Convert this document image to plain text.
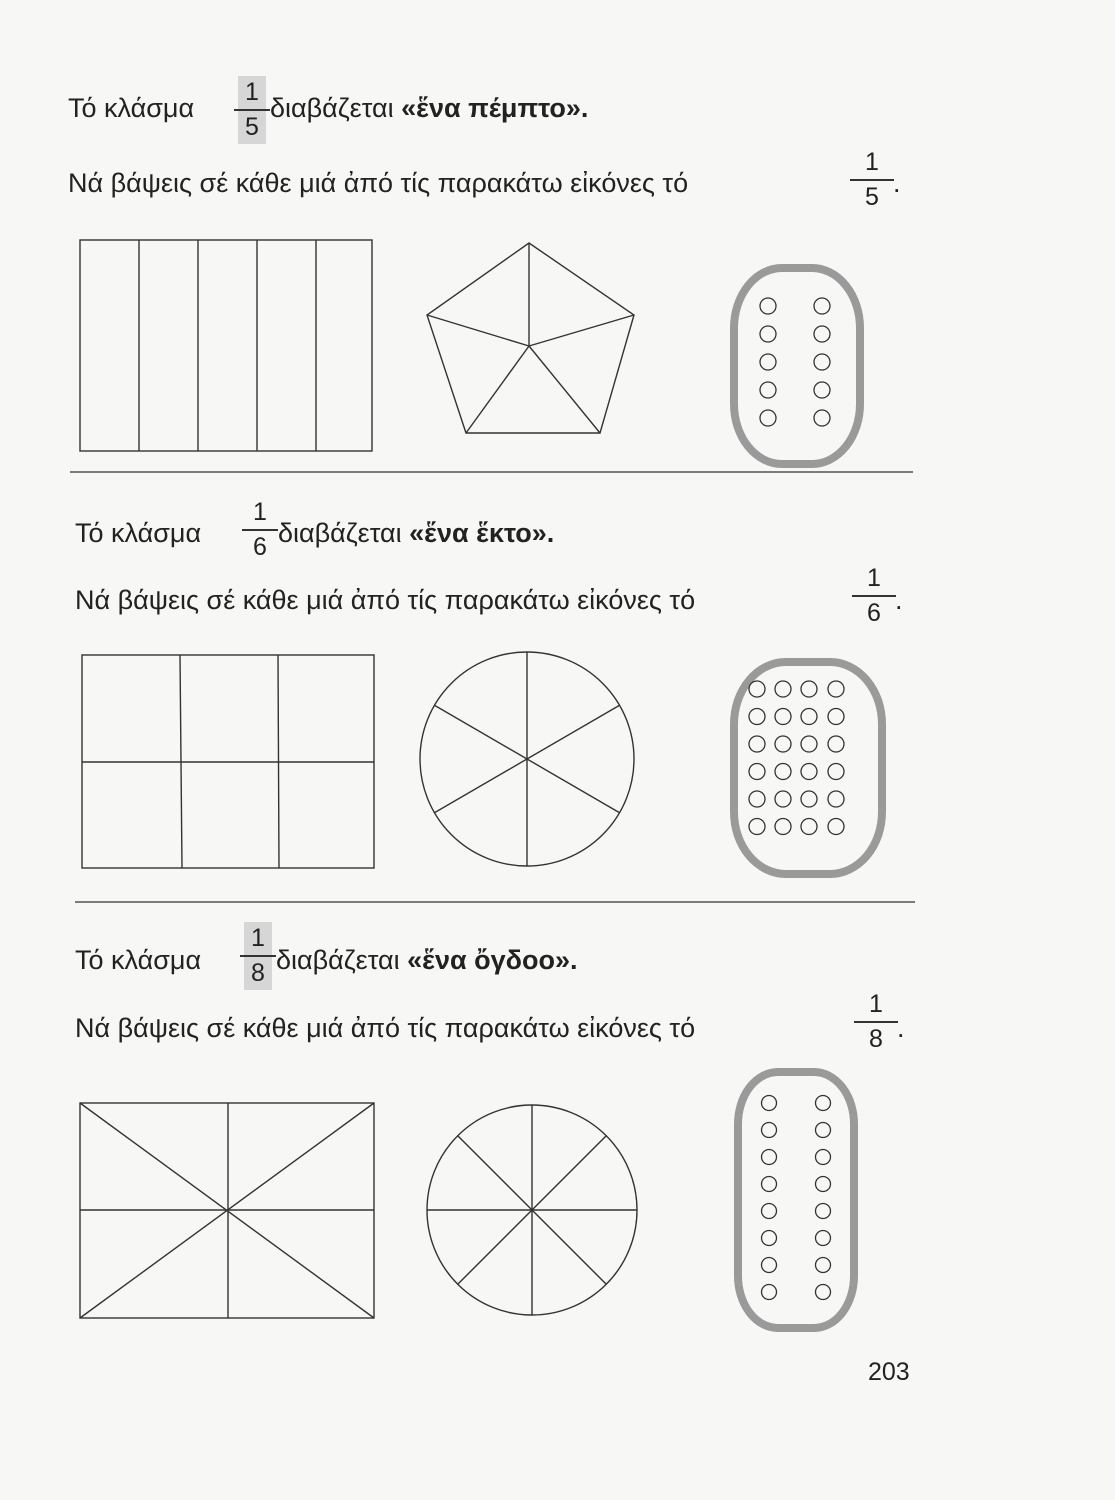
Τό κλάσμα
1
5
διαβάζεται «ἕνα πέμπτο».
Νά βάψεις σέ κάθε μιά ἀπό τίς παρακάτω εἰκόνες τό
1
5 .
Τό κλάσμα
1
6 διαβάζεται «ἕνα ἕκτο».
Νά βάψεις σέ κάθε μιά ἀπό τίς παρακάτω εἰκόνες τό
1
6 .
Τό κλάσμα
1
8 διαβάζεται «ἕνα ὄγδοο».
Νά βάψεις σέ κάθε μιά ἀπό τίς παρακάτω εἰκόνες τό
1
8 .
203
